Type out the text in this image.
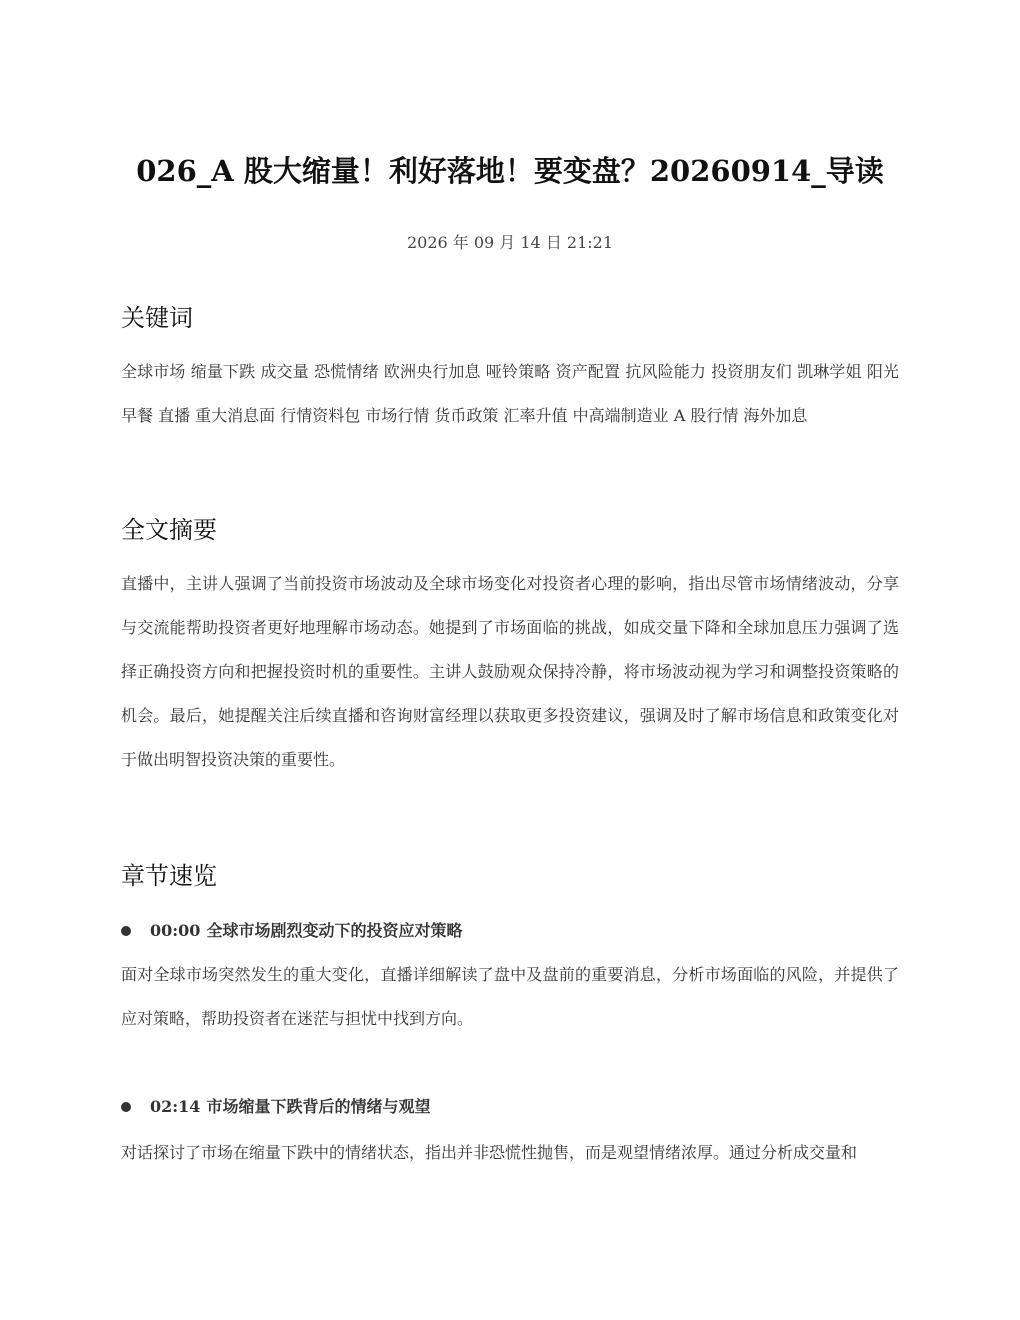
026_A 股大缩量！利好落地！要变盘？20260914_导读
2026 年 09 月 14 日 21:21
关键词

全球市场 缩量下跌 成交量 恐慌情绪 欧洲央行加息 哑铃策略 资产配置 抗风险能力 投资朋友们 凯琳学姐 阳光早餐 直播 重大消息面 行情资料包 市场行情 货币政策 汇率升值 中高端制造业 A 股行情 海外加息

全文摘要

直播中，主讲人强调了当前投资市场波动及全球市场变化对投资者心理的影响，指出尽管市场情绪波动，分享与交流能帮助投资者更好地理解市场动态。她提到了市场面临的挑战，如成交量下降和全球加息压力强调了选择正确投资方向和把握投资时机的重要性。主讲人鼓励观众保持冷静，将市场波动视为学习和调整投资策略的机会。最后，她提醒关注后续直播和咨询财富经理以获取更多投资建议，强调及时了解市场信息和政策变化对于做出明智投资决策的重要性。

章节速览
00:00 全球市场剧烈变动下的投资应对策略

面对全球市场突然发生的重大变化，直播详细解读了盘中及盘前的重要消息，分析市场面临的风险，并提供了应对策略，帮助投资者在迷茫与担忧中找到方向。

02:14 市场缩量下跌背后的情绪与观望

对话探讨了市场在缩量下跌中的情绪状态，指出并非恐慌性抛售，而是观望情绪浓厚。通过分析成交量和
